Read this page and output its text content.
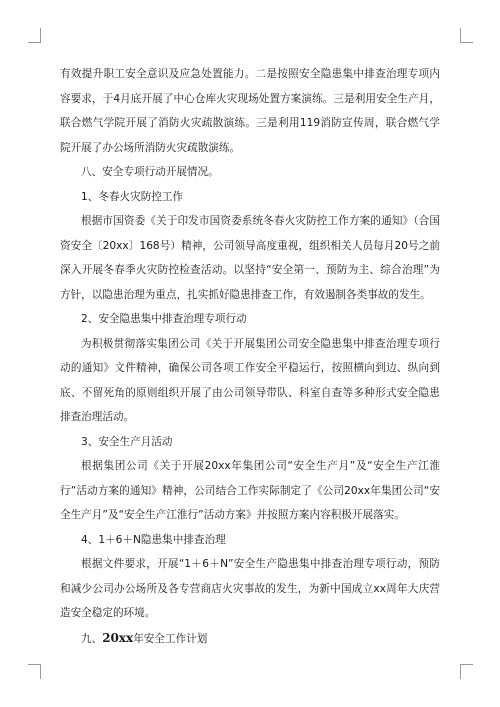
有效提升职工安全意识及应急处置能力。二是按照安全隐患集中排查治理专项内容要求，于4月底开展了中心仓库火灾现场处置方案演练。三是利用安全生产月，联合燃气学院开展了消防火灾疏散演练。三是利用119消防宣传周，联合燃气学院开展了办公场所消防火灾疏散演练。

八、安全专项行动开展情况。

1、冬春火灾防控工作

根据市国资委《关于印发市国资委系统冬春火灾防控工作方案的通知》（合国资安全〔20xx〕168号）精神，公司领导高度重视，组织相关人员每月20号之前深入开展冬春季火灾防控检查活动。以坚持“安全第一、预防为主、综合治理”为方针，以隐患治理为重点，扎实抓好隐患排查工作，有效遏制各类事故的发生。

2、安全隐患集中排查治理专项行动

为积极贯彻落实集团公司《关于开展集团公司安全隐患集中排查治理专项行动的通知》文件精神，确保公司各项工作安全平稳运行，按照横向到边、纵向到底、不留死角的原则组织开展了由公司领导带队、科室自查等多种形式安全隐患排查治理活动。

3、安全生产月活动

根据集团公司《关于开展20xx年集团公司“安全生产月”及“安全生产江淮行”活动方案的通知》精神，公司结合工作实际制定了《公司20xx年集团公司“安全生产月”及“安全生产江淮行”活动方案》并按照方案内容积极开展落实。

4、1＋6＋N隐患集中排查治理

根据文件要求，开展“1＋6＋N”安全生产隐患集中排查治理专项行动，预防和减少公司办公场所及各专营商店火灾事故的发生，为新中国成立xx周年大庆营造安全稳定的环境。

九、20xx年安全工作计划
